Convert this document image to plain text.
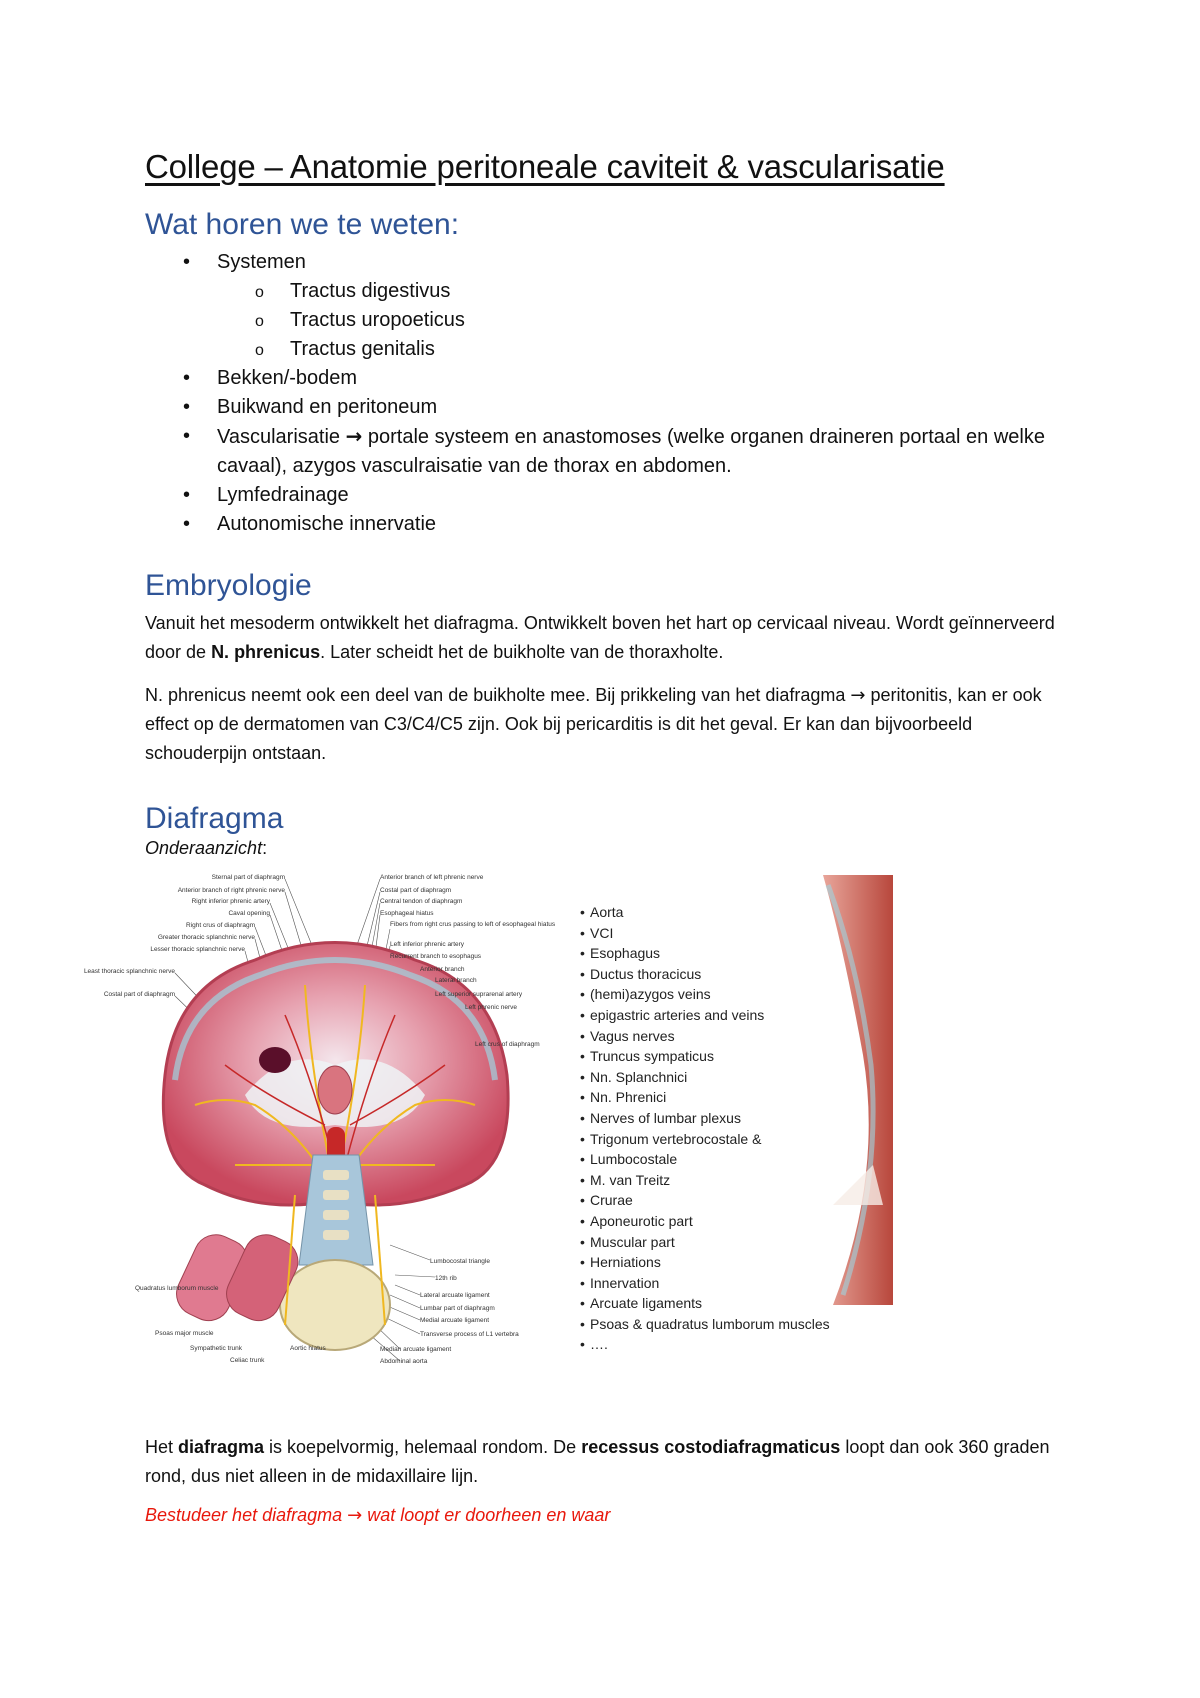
College – Anatomie peritoneale caviteit & vascularisatie
Wat horen we te weten:
• Systemen
o Tractus digestivus
o Tractus uropoeticus
o Tractus genitalis
• Bekken/-bodem
• Buikwand en peritoneum
• Vascularisatie → portale systeem en anastomoses (welke organen draineren portaal en welke cavaal), azygos vasculraisatie van de thorax en abdomen.
• Lymfedrainage
• Autonomische innervatie
Embryologie

Vanuit het mesoderm ontwikkelt het diafragma. Ontwikkelt boven het hart op cervicaal niveau. Wordt geïnnerveerd door de N. phrenicus. Later scheidt het de buikholte van de thoraxholte.

N. phrenicus neemt ook een deel van de buikholte mee. Bij prikkeling van het diafragma → peritonitis, kan er ook effect op de dermatomen van C3/C4/C5 zijn. Ook bij pericarditis is dit het geval. Er kan dan bijvoorbeeld schouderpijn ontstaan.

Diafragma

Onderaanzicht:

Sternal part of diaphragm
Anterior branch of right phrenic nerve
Right inferior phrenic artery
Caval opening
Right crus of diaphragm
Greater thoracic splanchnic nerve
Lesser thoracic splanchnic nerve
Least thoracic splanchnic nerve
Costal part of diaphragm
Anterior branch of left phrenic nerve
Costal part of diaphragm
Central tendon of diaphragm
Esophageal hiatus
Fibers from right crus passing to left of esophageal hiatus
Left inferior phrenic artery
Recurrent branch to esophagus
Anterior branch
Lateral branch
Left superior suprarenal artery
Left phrenic nerve
Left crus of diaphragm
Quadratus lumborum muscle
Psoas major muscle
Sympathetic trunk
Celiac trunk
Aortic hiatus
Lumbocostal triangle
12th rib
Lateral arcuate ligament
Lumbar part of diaphragm
Medial arcuate ligament
Transverse process of L1 vertebra
Median arcuate ligament
Abdominal aorta
• Aorta
• VCI
• Esophagus
• Ductus thoracicus
• (hemi)azygos veins
• epigastric arteries and veins
• Vagus nerves
• Truncus sympaticus
• Nn. Splanchnici
• Nn. Phrenici
• Nerves of lumbar plexus
• Trigonum vertebrocostale &
• Lumbocostale
• M. van Treitz
• Crurae
• Aponeurotic part
• Muscular part
• Herniations
• Innervation
• Arcuate ligaments
• Psoas & quadratus lumborum muscles
• ….

Het diafragma is koepelvormig, helemaal rondom. De recessus costodiafragmaticus loopt dan ook 360 graden rond, dus niet alleen in de midaxillaire lijn.

Bestudeer het diafragma → wat loopt er doorheen en waar
